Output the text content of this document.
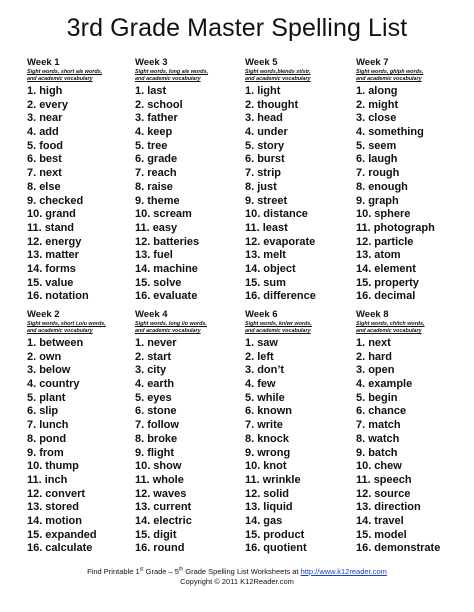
3rd Grade Master Spelling List
Week 1
Sight words, short a/e words,
and academic vocabulary
1. high
2. every
3. near
4. add
5. food
6. best
7. next
8. else
9. checked
10. grand
11. stand
12. energy
13. matter
14. forms
15. value
16. notation
Week 3
Sight words, long a/e words,
and academic vocabulary
1. last
2. school
3. father
4. keep
5. tree
6. grade
7. reach
8. raise
9. theme
10. scream
11. easy
12. batteries
13. fuel
14. machine
15. solve
16. evaluate
Week 5
Sight words,blends st/str,
and academic vocabulary
1. light
2. thought
3. head
4. under
5. story
6. burst
7. strip
8. just
9. street
10. distance
11. least
12. evaporate
13. melt
14. object
15. sum
16. difference
Week 7
Sight words, gh/ph words,
and academic vocabulary
1. along
2. might
3. close
4. something
5. seem
6. laugh
7. rough
8. enough
9. graph
10. sphere
11. photograph
12. particle
13. atom
14. element
15. property
16. decimal
Week 2
Sight words, short i,o/u words,
and academic vocabulary
1. between
2. own
3. below
4. country
5. plant
6. slip
7. lunch
8. pond
9. from
10. thump
11. inch
12. convert
13. stored
14. motion
15. expanded
16. calculate
Week 4
Sight words, long i/o words,
and academic vocabulary
1. never
2. start
3. city
4. earth
5. eyes
6. stone
7. follow
8. broke
9. flight
10. show
11. whole
12. waves
13. current
14. electric
15. digit
16. round
Week 6
Sight words, kn/wr words,
and academic vocabulary
1. saw
2. left
3. don’t
4. few
5. while
6. known
7. write
8. knock
9. wrong
10. knot
11. wrinkle
12. solid
13. liquid
14. gas
15. product
16. quotient
Week 8
Sight words, ch/tch words,
and academic vocabulary
1. next
2. hard
3. open
4. example
5. begin
6. chance
7. match
8. watch
9. batch
10. chew
11. speech
12. source
13. direction
14. travel
15. model
16. demonstrate
Find Printable 1st Grade – 5th Grade Spelling List Worksheets at http://www.k12reader.com
Copyright © 2011 K12Reader.com
